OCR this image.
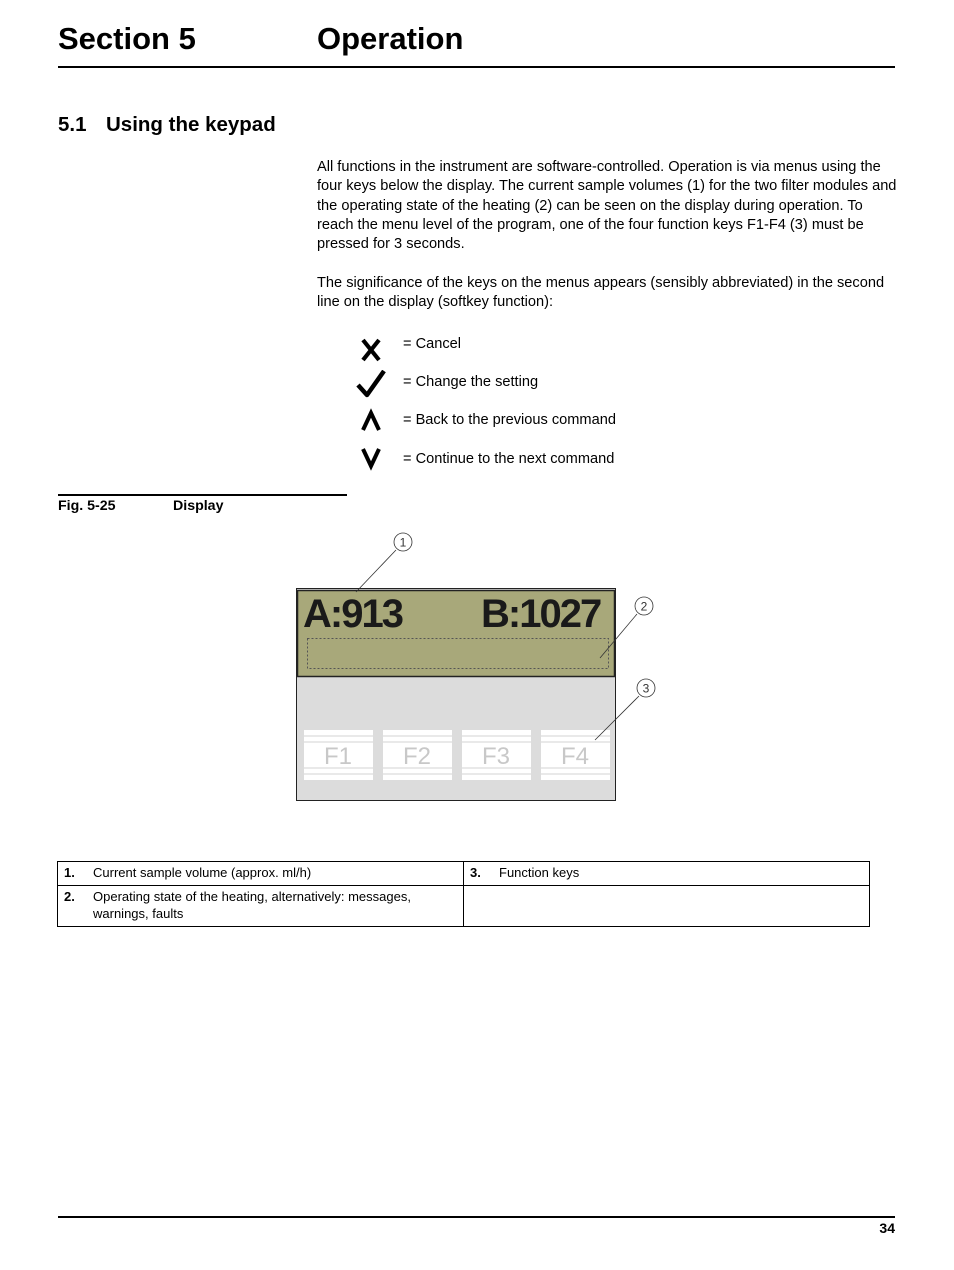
Section 5	Operation
5.1 Using the keypad
All functions in the instrument are software-controlled. Operation is via menus using the four keys below the display. The current sample volumes (1) for the two filter modules and the operating state of the heating (2) can be seen on the display during operation. To reach the menu level of the program, one of the four function keys F1-F4 (3) must be pressed for 3 seconds.
The significance of the keys on the menus appears (sensibly abbreviated) in the second line on the display (softkey function):
= Cancel
= Change the setting
= Back to the previous command
= Continue to the next command
Fig. 5-25	Display
A:913 B:1027
F1 F2 F3 F4
1
2
3
1. Current sample volume (approx. ml/h)	3. Function keys

2. Operating state of the heating, alternatively: messages, warnings, faults	

34
